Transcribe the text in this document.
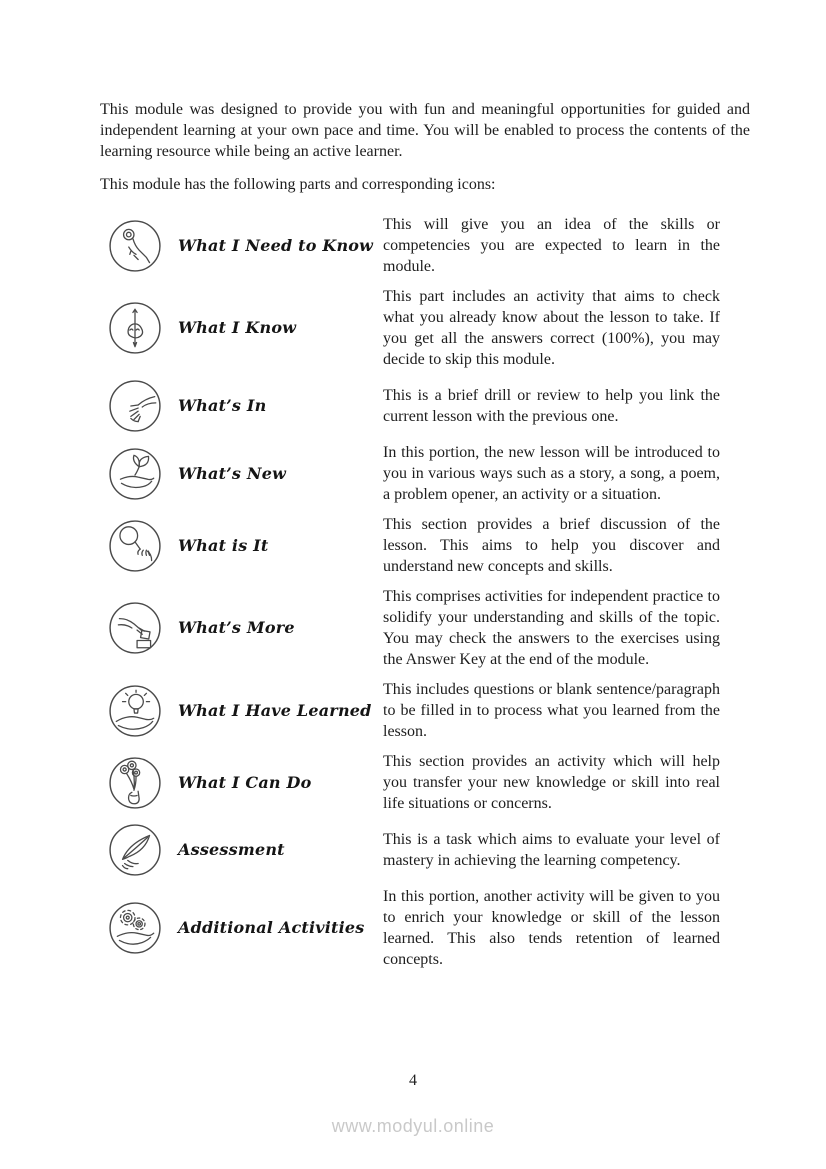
This module was designed to provide you with fun and meaningful opportunities for guided and independent learning at your own pace and time. You will be enabled to process the contents of the learning resource while being an active learner.

This module has the following parts and corresponding icons:

What I Need to Know

This will give you an idea of the skills or competencies you are expected to learn in the module.

What I Know

This part includes an activity that aims to check what you already know about the lesson to take. If you get all the answers correct (100%), you may decide to skip this module.

What’s In

This is a brief drill or review to help you link the current lesson with the previous one.

What’s New

In this portion, the new lesson will be introduced to you in various ways such as a story, a song, a poem, a problem opener, an activity or a situation.

What is It

This section provides a brief discussion of the lesson. This aims to help you discover and understand new concepts and skills.

What’s More

This comprises activities for independent practice to solidify your understanding and skills of the topic. You may check the answers to the exercises using the Answer Key at the end of the module.

What I Have Learned

This includes questions or blank sentence/paragraph to be filled in to process what you learned from the lesson.

What I Can Do

This section provides an activity which will help you transfer your new knowledge or skill into real life situations or concerns.

Assessment

This is a task which aims to evaluate your level of mastery in achieving the learning competency.

Additional Activities

In this portion, another activity will be given to you to enrich your knowledge or skill of the lesson learned. This also tends retention of learned concepts.

4
www.modyul.online
